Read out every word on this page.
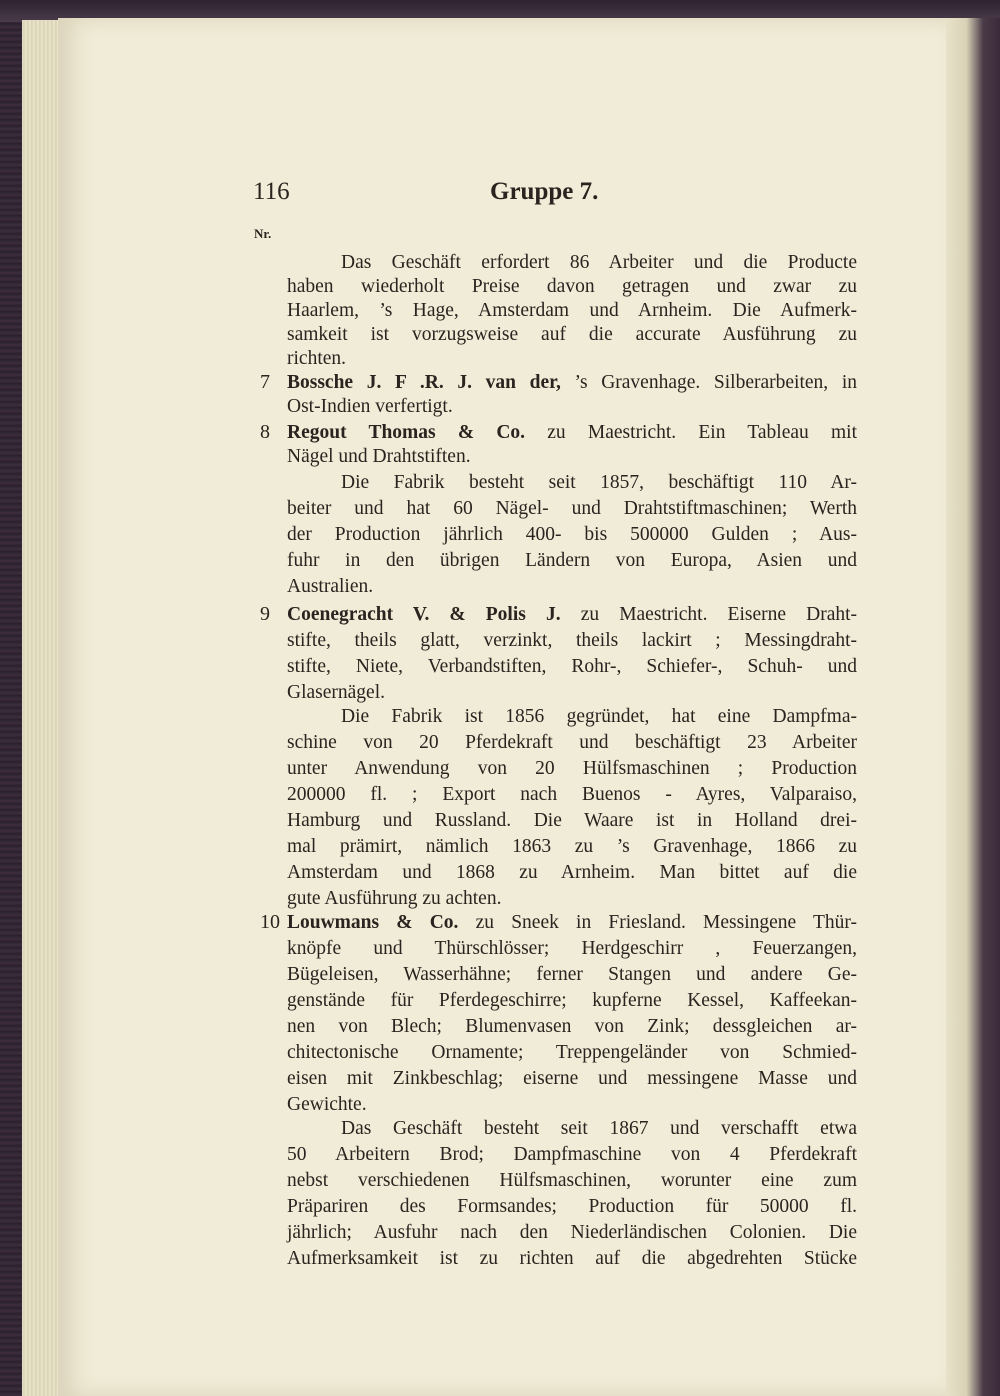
116	Gruppe 7.
Nr.
Das Geschäft erfordert 86 Arbeiter und die Producte
haben wiederholt Preise davon getragen und zwar zu
Haarlem, ’s Hage, Amsterdam und Arnheim. Die Aufmerk-
samkeit ist vorzugsweise auf die accurate Ausführung zu
richten.
7 Bossche J. F .R. J. van der, ’s Gravenhage. Silberarbeiten, in
Ost-Indien verfertigt.
8 Regout Thomas & Co. zu Maestricht. Ein Tableau mit
Nägel und Drahtstiften.
Die Fabrik besteht seit 1857, beschäftigt 110 Ar-
beiter und hat 60 Nägel- und Drahtstiftmaschinen; Werth
der Production jährlich 400- bis 500000 Gulden ; Aus-
fuhr in den übrigen Ländern von Europa, Asien und
Australien.
9 Coenegracht V. & Polis J. zu Maestricht. Eiserne Draht-
stifte, theils glatt, verzinkt, theils lackirt ; Messingdraht-
stifte, Niete, Verbandstiften, Rohr-, Schiefer-, Schuh- und
Glasernägel.
Die Fabrik ist 1856 gegründet, hat eine Dampfma-
schine von 20 Pferdekraft und beschäftigt 23 Arbeiter
unter Anwendung von 20 Hülfsmaschinen ; Production
200000 fl. ; Export nach Buenos - Ayres, Valparaiso,
Hamburg und Russland. Die Waare ist in Holland drei-
mal prämirt, nämlich 1863 zu ’s Gravenhage, 1866 zu
Amsterdam und 1868 zu Arnheim. Man bittet auf die
gute Ausführung zu achten.
10 Louwmans & Co. zu Sneek in Friesland. Messingene Thür-
knöpfe und Thürschlösser; Herdgeschirr , Feuerzangen,
Bügeleisen, Wasserhähne; ferner Stangen und andere Ge-
genstände für Pferdegeschirre; kupferne Kessel, Kaffeekan-
nen von Blech; Blumenvasen von Zink; dessgleichen ar-
chitectonische Ornamente; Treppengeländer von Schmied-
eisen mit Zinkbeschlag; eiserne und messingene Masse und
Gewichte.
Das Geschäft besteht seit 1867 und verschafft etwa
50 Arbeitern Brod; Dampfmaschine von 4 Pferdekraft
nebst verschiedenen Hülfsmaschinen, worunter eine zum
Präpariren des Formsandes; Production für 50000 fl.
jährlich; Ausfuhr nach den Niederländischen Colonien. Die
Aufmerksamkeit ist zu richten auf die abgedrehten Stücke
